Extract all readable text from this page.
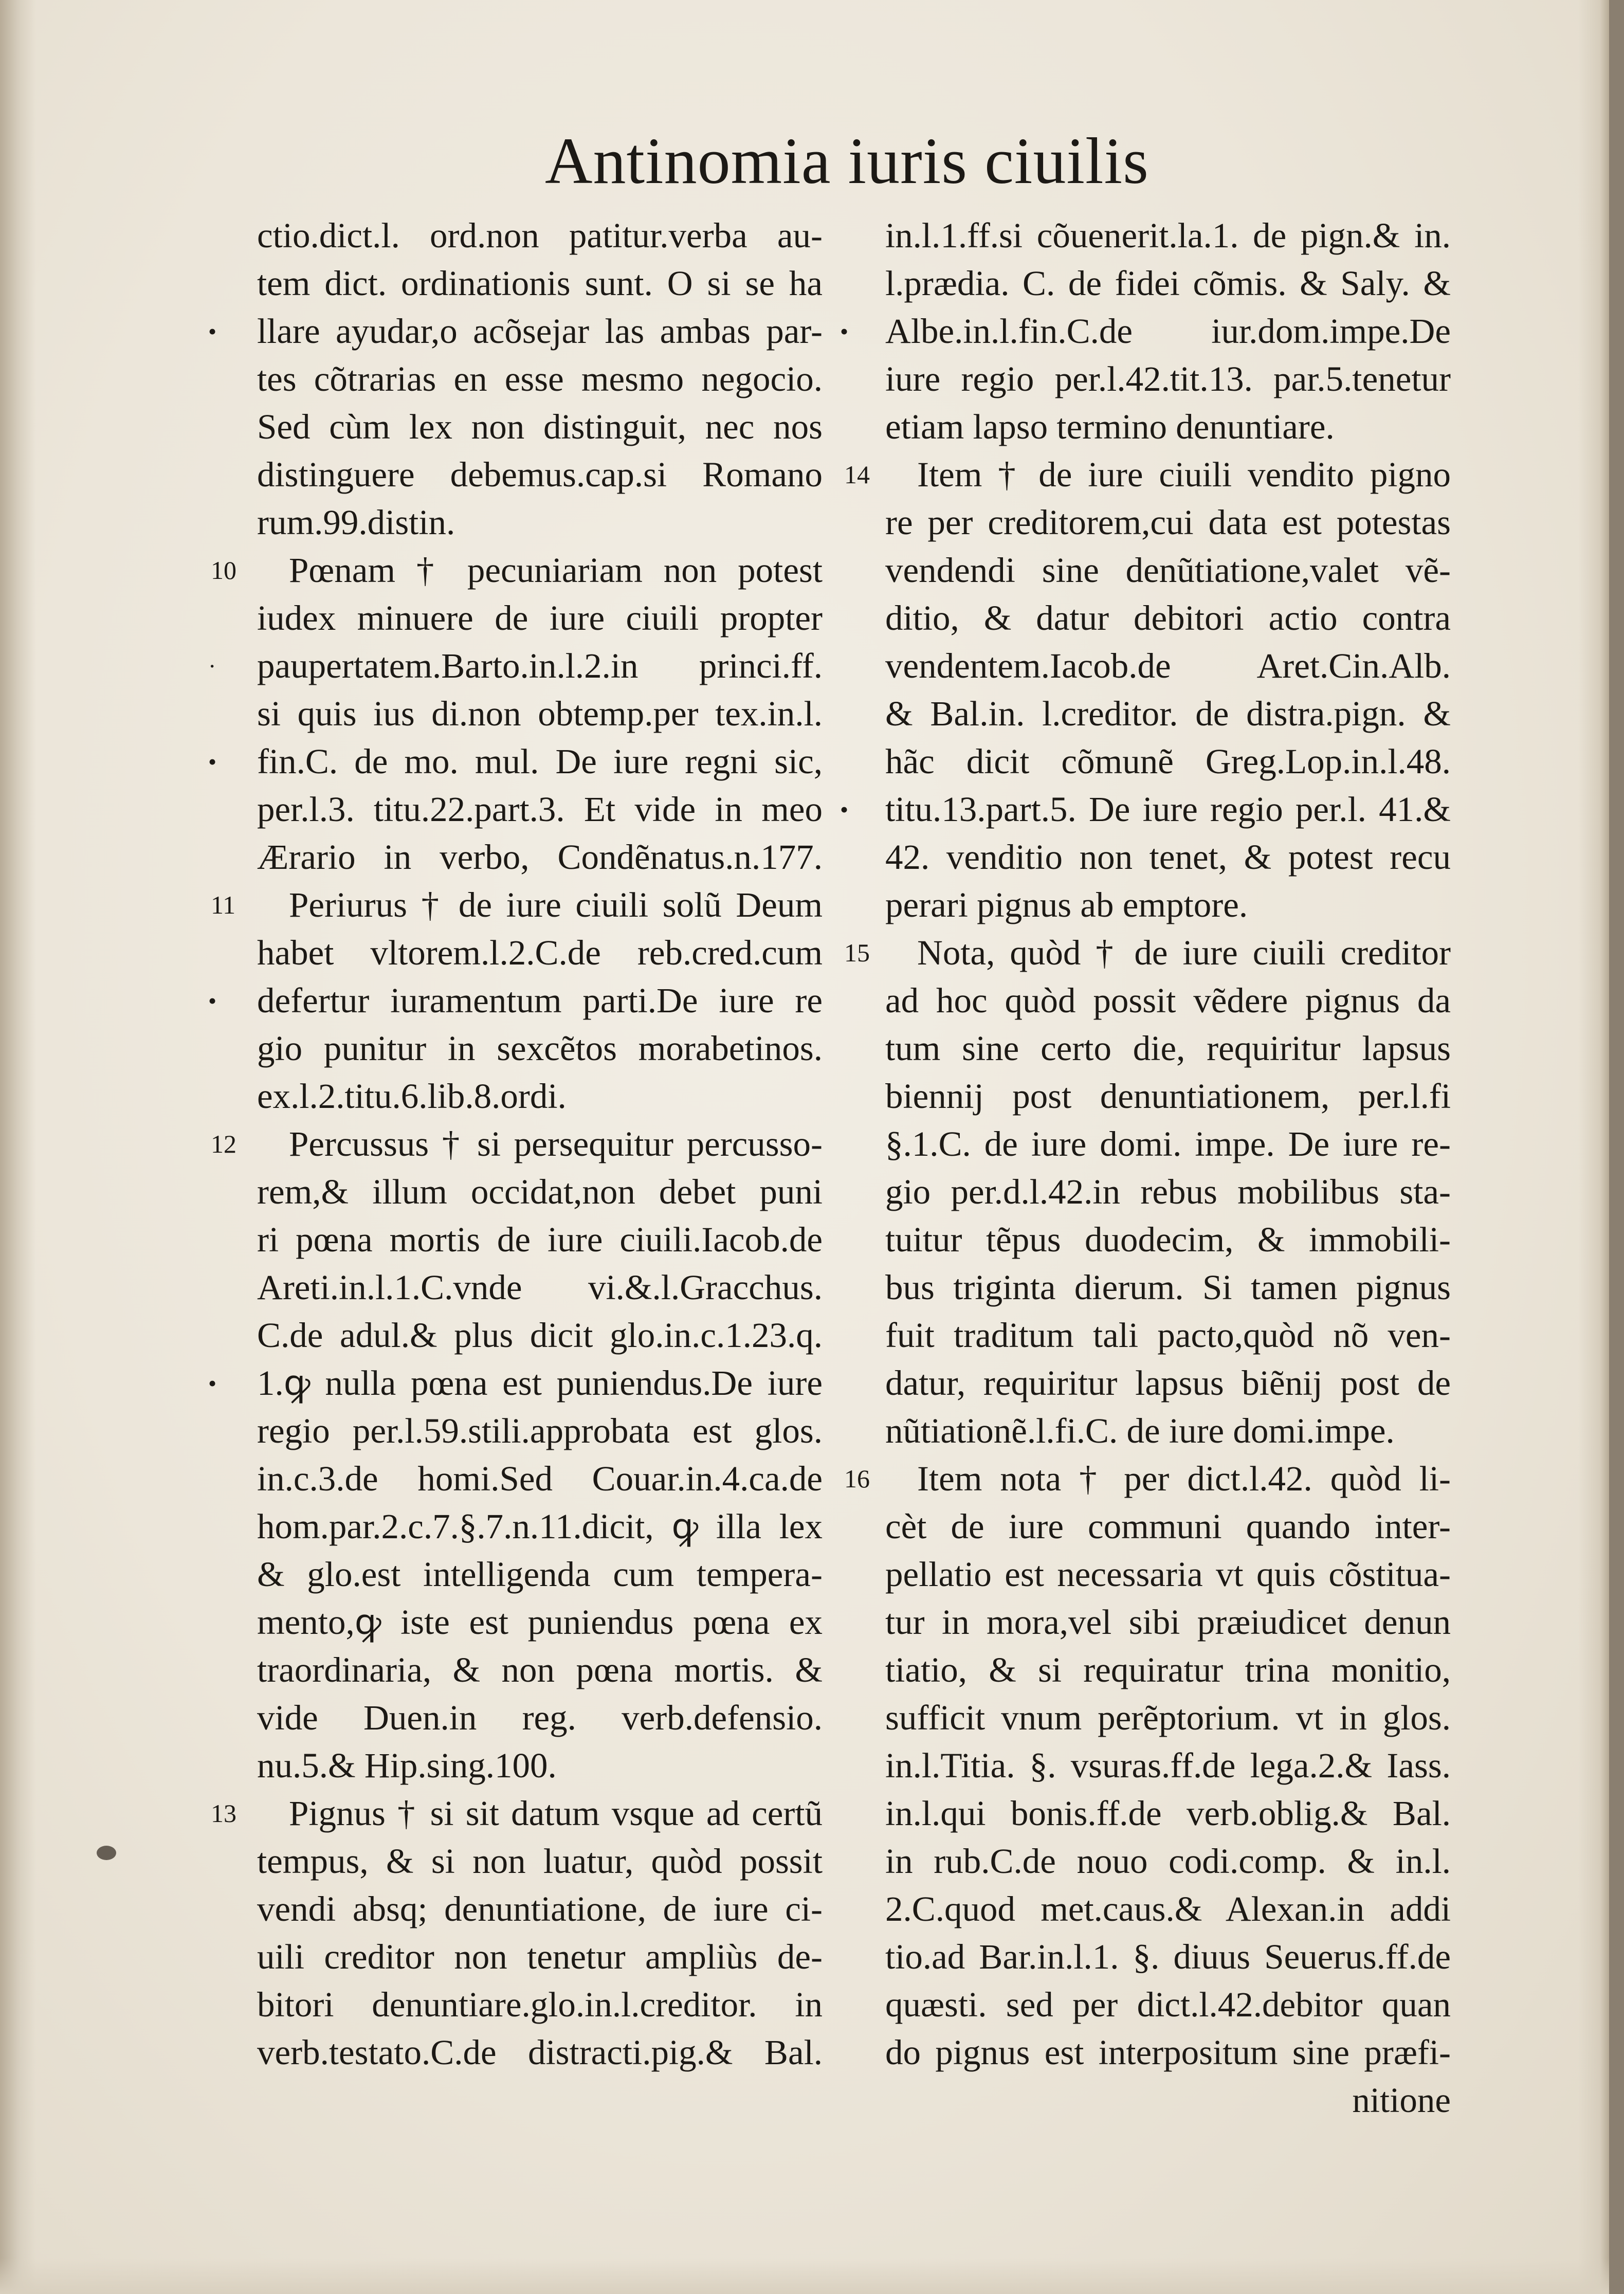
Antinomia iuris ciuilis
ctio.dict.l. ord.non patitur.verba au-
tem dict. ordinationis sunt. O si se ha
• llare ayudar,o acõsejar las ambas par-
tes cõtrarias en esse mesmo negocio.
Sed cùm lex non distinguit, nec nos
distinguere debemus.cap.si Romano
rum.99.distin.
10 Pœnam † pecuniariam non potest
iudex minuere de iure ciuili propter
· paupertatem.Barto.in.l.2.in princi.ff.
si quis ius di.non obtemp.per tex.in.l.
• fin.C. de mo. mul. De iure regni sic,
per.l.3. titu.22.part.3. Et vide in meo
Ærario in verbo, Condẽnatus.n.177.
11 Periurus † de iure ciuili solũ Deum
habet vltorem.l.2.C.de reb.cred.cum
• defertur iuramentum parti.De iure re
gio punitur in sexcẽtos morabetinos.
ex.l.2.titu.6.lib.8.ordi.
12 Percussus † si persequitur percusso-
rem,& illum occidat,non debet puni
ri pœna mortis de iure ciuili.Iacob.de
Areti.in.l.1.C.vnde vi.&.l.Gracchus.
C.de adul.& plus dicit glo.in.c.1.23.q.
• 1.ꝙ nulla pœna est puniendus.De iure
regio per.l.59.stili.approbata est glos.
in.c.3.de homi.Sed Couar.in.4.ca.de
hom.par.2.c.7.§.7.n.11.dicit, ꝙ illa lex
& glo.est intelligenda cum tempera-
mento,ꝙ iste est puniendus pœna ex
traordinaria, & non pœna mortis. &
vide Duen.in reg. verb.defensio.
nu.5.& Hip.sing.100.
13 Pignus † si sit datum vsque ad certũ
tempus, & si non luatur, quòd possit
vendi absq; denuntiatione, de iure ci-
uili creditor non tenetur ampliùs de-
bitori denuntiare.glo.in.l.creditor. in
verb.testato.C.de distracti.pig.& Bal.
in.l.1.ff.si cõuenerit.la.1. de pign.& in.
l.prædia. C. de fidei cõmis. & Saly. &
• Albe.in.l.fin.C.de iur.dom.impe.De
iure regio per.l.42.tit.13. par.5.tenetur
etiam lapso termino denuntiare.
14 Item † de iure ciuili vendito pigno
re per creditorem,cui data est potestas
vendendi sine denũtiatione,valet vẽ-
ditio, & datur debitori actio contra
vendentem.Iacob.de Aret.Cin.Alb.
& Bal.in. l.creditor. de distra.pign. &
hãc dicit cõmunẽ Greg.Lop.in.l.48.
• titu.13.part.5. De iure regio per.l. 41.&
42. venditio non tenet, & potest recu
perari pignus ab emptore.
15 Nota, quòd † de iure ciuili creditor
ad hoc quòd possit vẽdere pignus da
tum sine certo die, requiritur lapsus
biennij post denuntiationem, per.l.fi
§.1.C. de iure domi. impe. De iure re-
gio per.d.l.42.in rebus mobilibus sta-
tuitur tẽpus duodecim, & immobili-
bus triginta dierum. Si tamen pignus
fuit traditum tali pacto,quòd nõ ven-
datur, requiritur lapsus biẽnij post de
nũtiationẽ.l.fi.C. de iure domi.impe.
16 Item nota † per dict.l.42. quòd li-
cèt de iure communi quando inter-
pellatio est necessaria vt quis cõstitua-
tur in mora,vel sibi præiudicet denun
tiatio, & si requiratur trina monitio,
sufficit vnum perẽptorium. vt in glos.
in.l.Titia. §. vsuras.ff.de lega.2.& Iass.
in.l.qui bonis.ff.de verb.oblig.& Bal.
in rub.C.de nouo codi.comp. & in.l.
2.C.quod met.caus.& Alexan.in addi
tio.ad Bar.in.l.1. §. diuus Seuerus.ff.de
quæsti. sed per dict.l.42.debitor quan
do pignus est interpositum sine præfi-
nitione
